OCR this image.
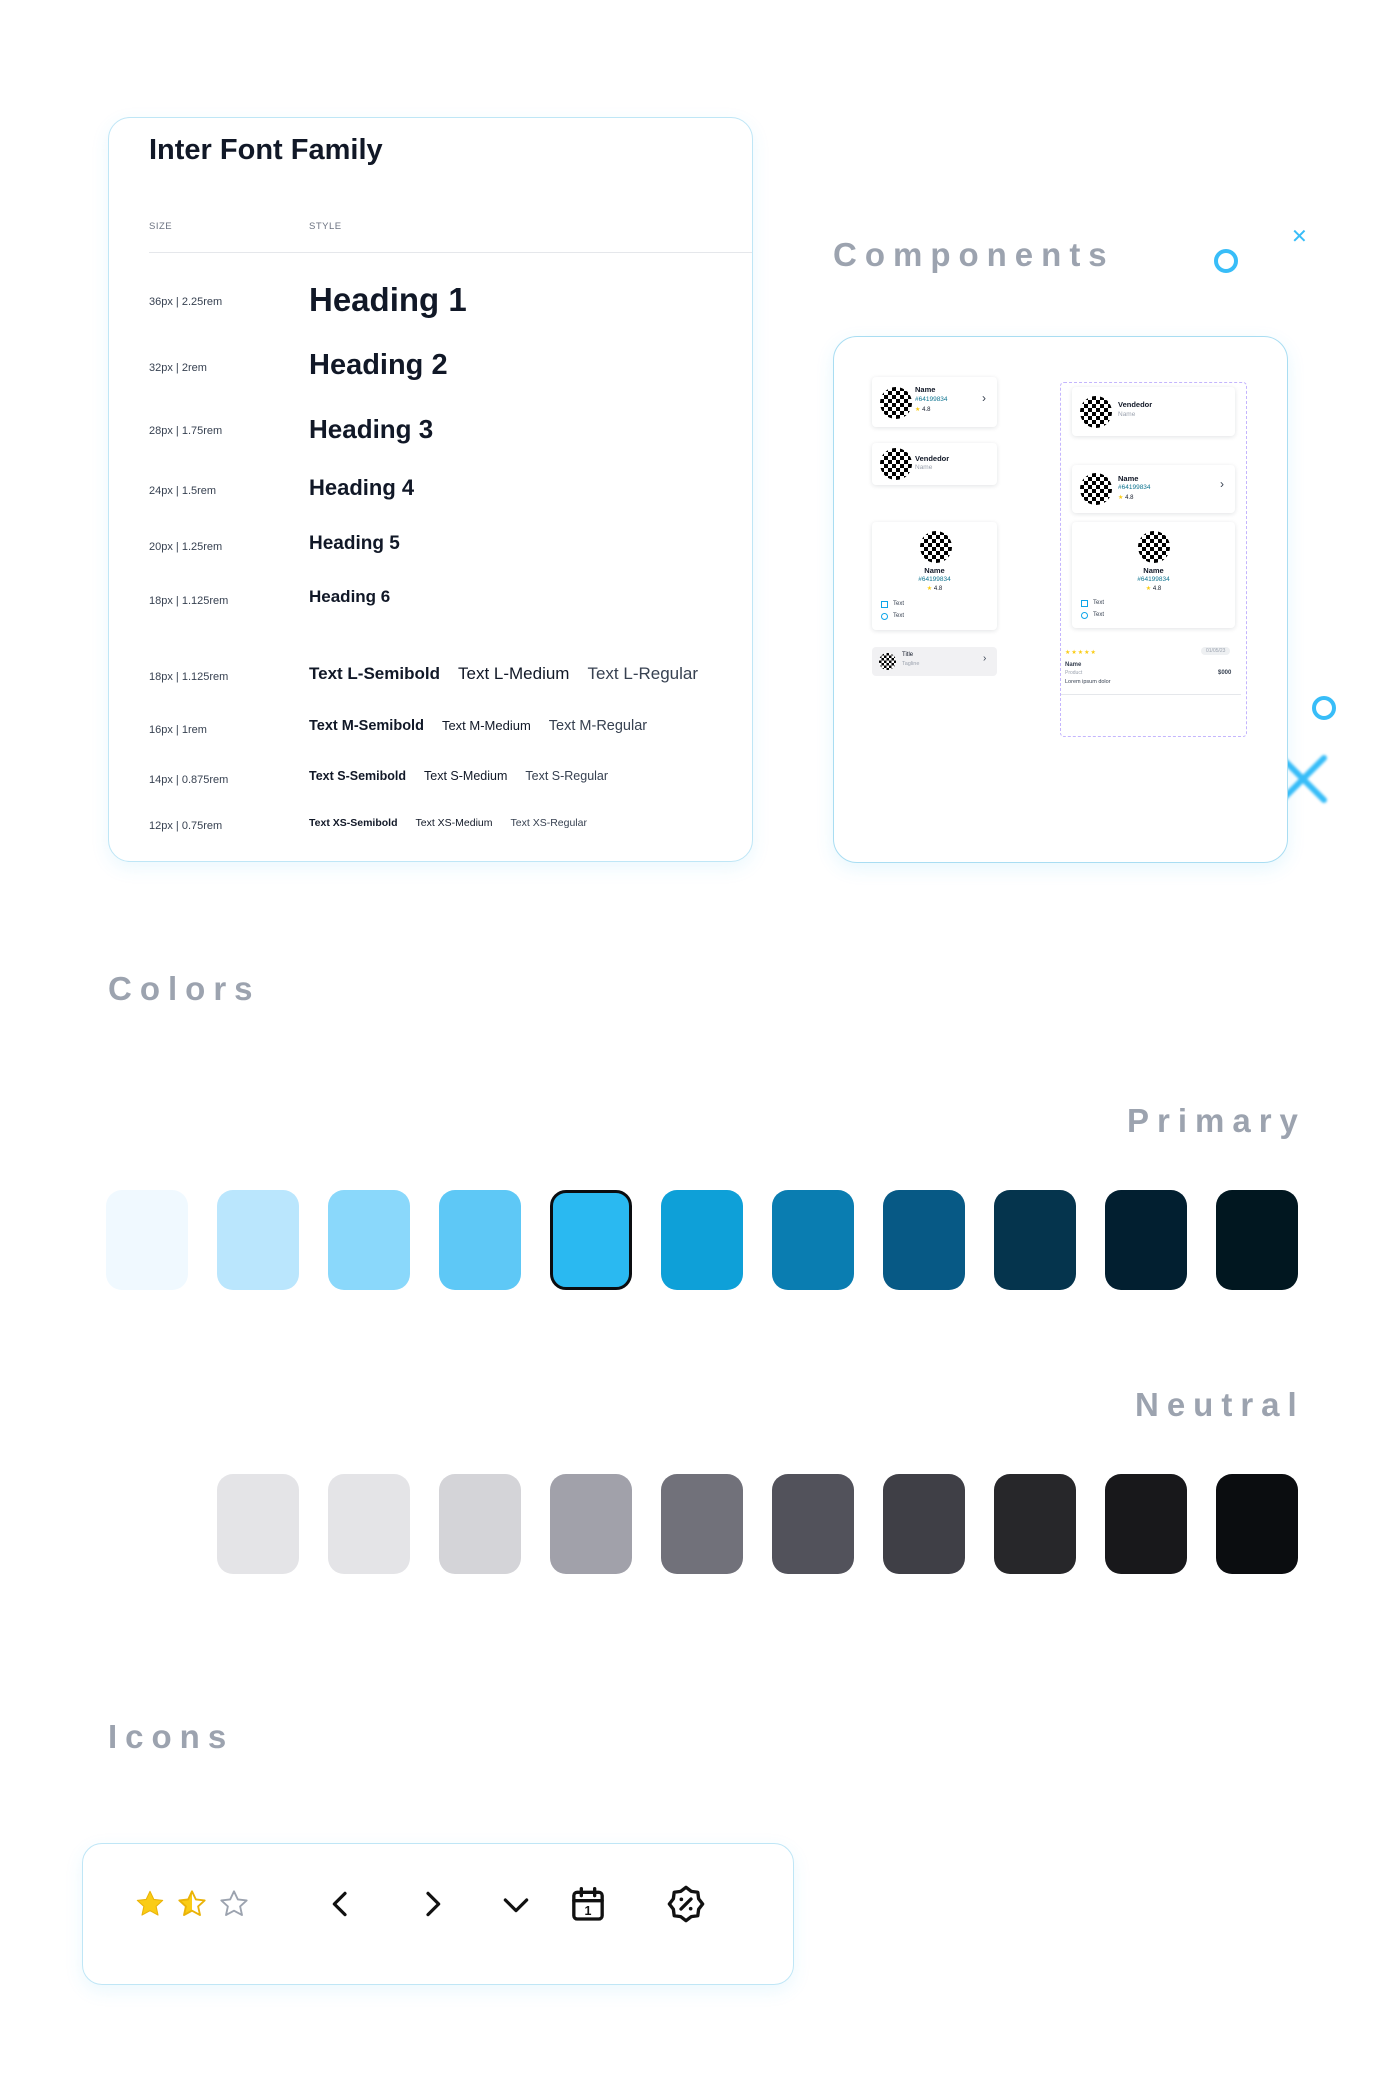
Inter Font Family
SIZE	STYLE
36px | 2.25rem	Heading 1
32px | 2rem	Heading 2
28px | 1.75rem	Heading 3
24px | 1.5rem	Heading 4
20px | 1.25rem	Heading 5
18px | 1.125rem	Heading 6
18px | 1.125rem	Text L-Semibold Text L-Medium Text L-Regular
16px | 1rem	Text M-Semibold Text M-Medium Text M-Regular
14px | 0.875rem	Text S-Semibold Text S-Medium Text S-Regular
12px | 0.75rem	Text XS-Semibold Text XS-Medium Text XS-Regular
Components	✕
Name
#64199834
★ 4.8
›
Vendedor
Name
Name
#64199834
★ 4.8
Text
Text
Title
Tagline	›
Vendedor
Name
Name
#64199834
★ 4.8
›
Name
#64199834
★ 4.8
Text
Text
★★★★★	01/05/23
Name
Product	$000
Lorem ipsum dolor
Colors
Primary
Neutral
Icons
1
